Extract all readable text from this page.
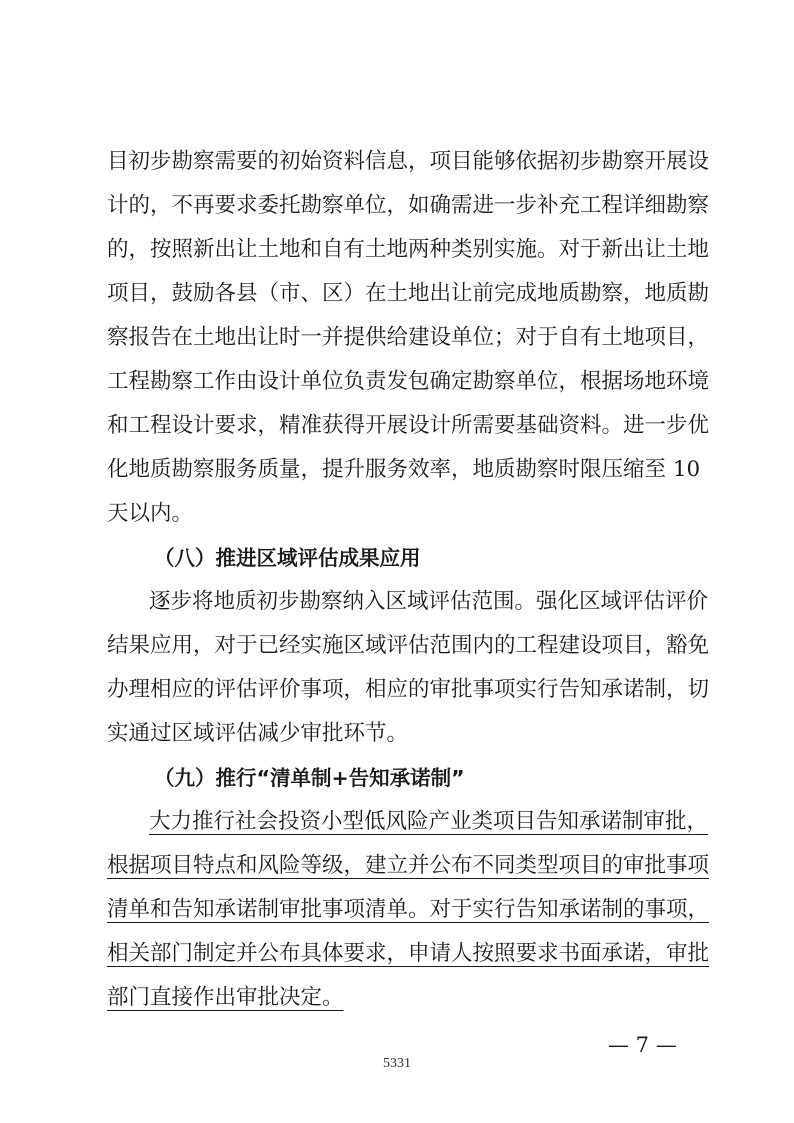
目初步勘察需要的初始资料信息，项目能够依据初步勘察开展设
计的，不再要求委托勘察单位，如确需进一步补充工程详细勘察
的，按照新出让土地和自有土地两种类别实施。对于新出让土地
项目，鼓励各县（市、区）在土地出让前完成地质勘察，地质勘
察报告在土地出让时一并提供给建设单位；对于自有土地项目，
工程勘察工作由设计单位负责发包确定勘察单位，根据场地环境
和工程设计要求，精准获得开展设计所需要基础资料。进一步优
化地质勘察服务质量，提升服务效率，地质勘察时限压缩至 10
天以内。
（八）推进区域评估成果应用
逐步将地质初步勘察纳入区域评估范围。强化区域评估评价
结果应用，对于已经实施区域评估范围内的工程建设项目，豁免
办理相应的评估评价事项，相应的审批事项实行告知承诺制，切
实通过区域评估减少审批环节。
（九）推行“清单制+告知承诺制”
大力推行社会投资小型低风险产业类项目告知承诺制审批，
根据项目特点和风险等级，建立并公布不同类型项目的审批事项
清单和告知承诺制审批事项清单。对于实行告知承诺制的事项，
相关部门制定并公布具体要求，申请人按照要求书面承诺，审批
部门直接作出审批决定。
— 7 —
5331
